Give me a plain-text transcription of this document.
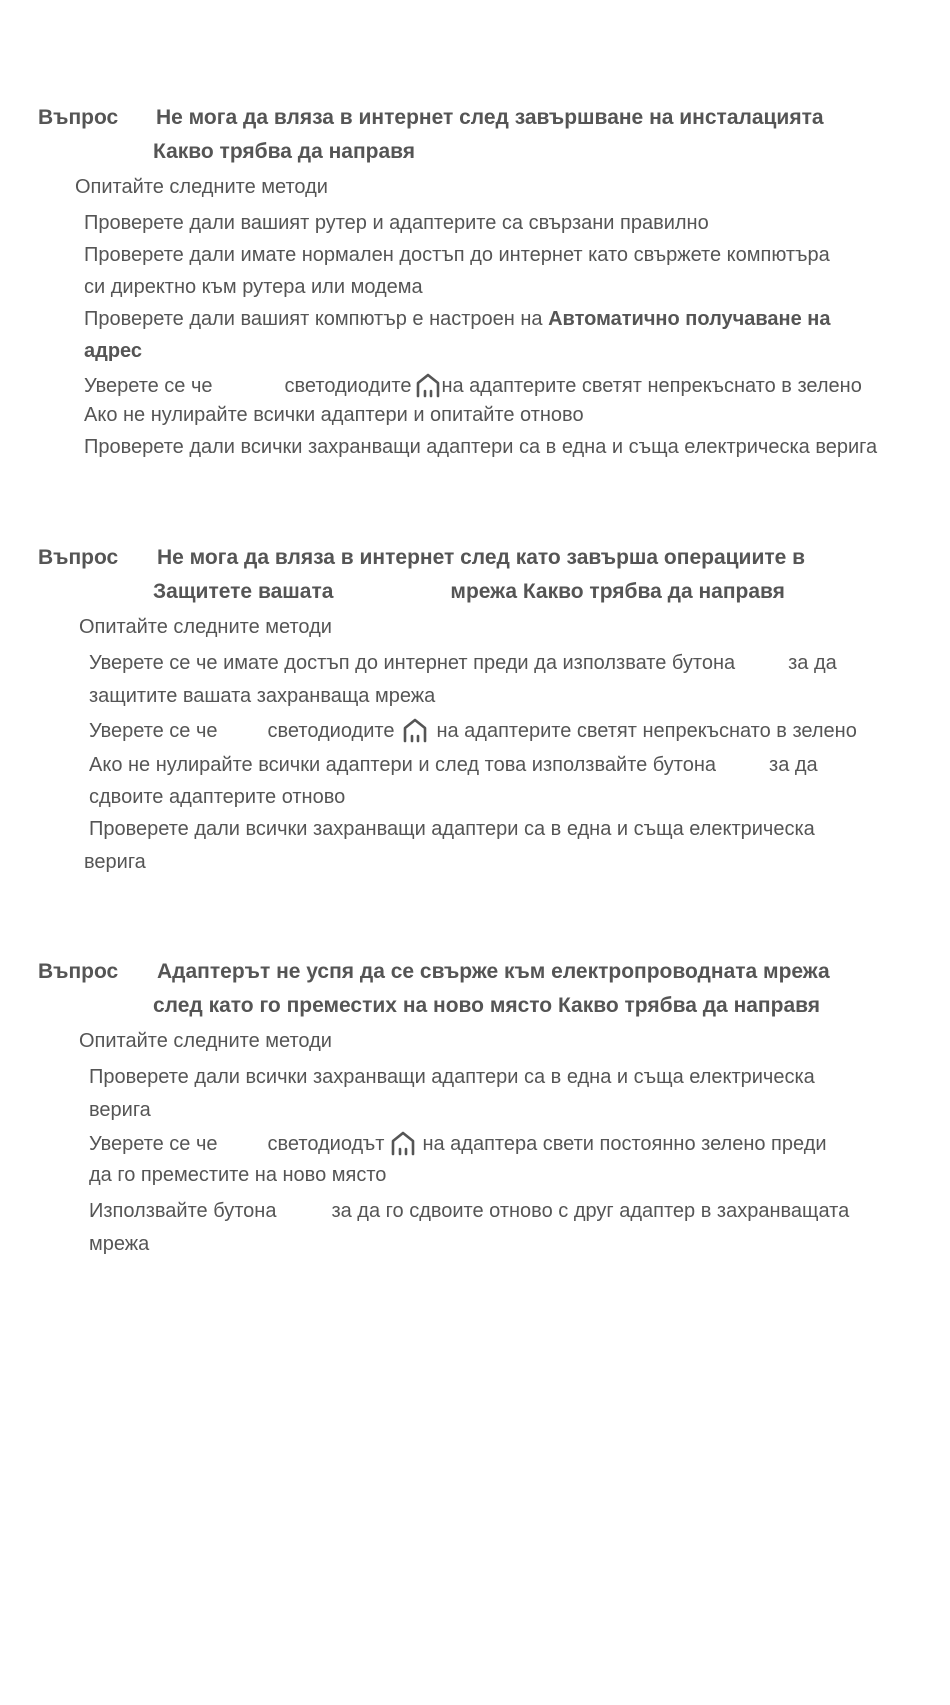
Въпрос Не мога да вляза в интернет след завършване на инсталацията
Какво трябва да направя
Опитайте следните методи
Проверете дали вашият рутер и адаптерите са свързани правилно
Проверете дали имате нормален достъп до интернет като свържете компютъра
си директно към рутера или модема
Проверете дали вашият компютър е настроен на Автоматично получаване на
адрес
Уверете се че	светодиодите на адаптерите светят непрекъснато в зелено
Ако не нулирайте всички адаптери и опитайте отново
Проверете дали всички захранващи адаптери са в една и съща електрическа верига
Въпрос Не мога да вляза в интернет след като завърша операциите в
Защитете вашата	мрежа Какво трябва да направя
Опитайте следните методи
Уверете се че имате достъп до интернет преди да използвате бутона	за да
защитите вашата захранваща мрежа
Уверете се че	светодиодите на адаптерите светят непрекъснато в зелено
Ако не нулирайте всички адаптери и след това използвайте бутона	за да
сдвоите адаптерите отново
Проверете дали всички захранващи адаптери са в една и съща електрическа
верига
Въпрос Адаптерът не успя да се свърже към електропроводната мрежа
след като го преместих на ново място Какво трябва да направя
Опитайте следните методи
Проверете дали всички захранващи адаптери са в една и съща електрическа
верига
Уверете се че	светодиодът на адаптера свети постоянно зелено преди
да го преместите на ново място
Използвайте бутона	за да го сдвоите отново с друг адаптер в захранващата
мрежа
